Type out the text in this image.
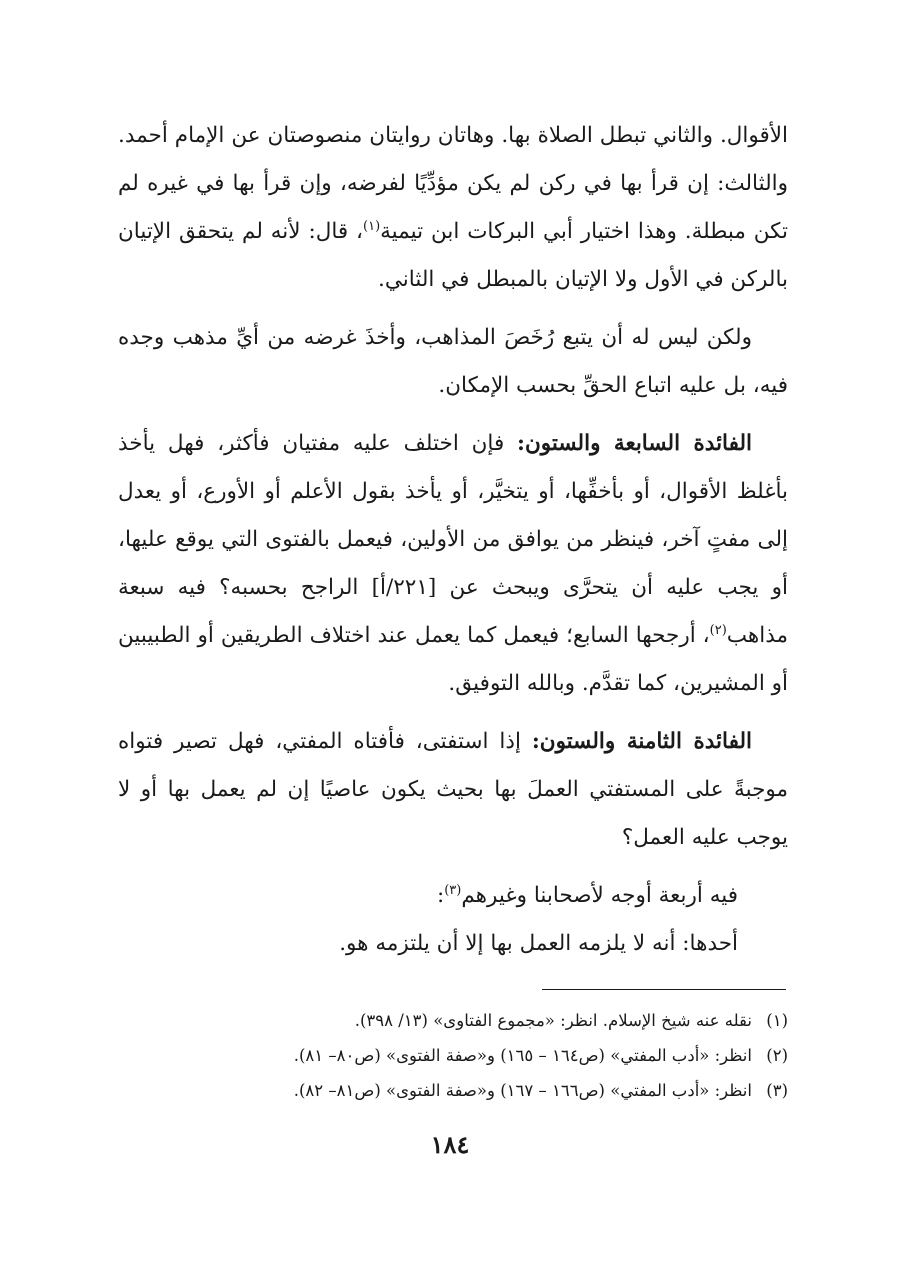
الأقوال. والثاني تبطل الصلاة بها. وهاتان روايتان منصوصتان عن الإمام أحمد. والثالث: إن قرأ بها في ركن لم يكن مؤدِّيًا لفرضه، وإن قرأ بها في غيره لم تكن مبطلة. وهذا اختيار أبي البركات ابن تيمية$^{(١)}$، قال: لأنه لم يتحقق الإتيان بالركن في الأول ولا الإتيان بالمبطل في الثاني.

ولكن ليس له أن يتبع رُخَصَ المذاهب، وأخذَ غرضه من أيِّ مذهب وجده فيه، بل عليه اتباع الحقِّ بحسب الإمكان.

الفائدة السابعة والستون: فإن اختلف عليه مفتيان فأكثر، فهل يأخذ بأغلظ الأقوال، أو بأخفِّها، أو يتخيَّر، أو يأخذ بقول الأعلم أو الأورع، أو يعدل إلى مفتٍ آخر، فينظر من يوافق من الأولين، فيعمل بالفتوى التي يوقع عليها، أو يجب عليه أن يتحرَّى ويبحث عن [٢٢١/أ] الراجح بحسبه؟ فيه سبعة مذاهب$^{(٢)}$، أرجحها السابع؛ فيعمل كما يعمل عند اختلاف الطريقين أو الطبيبين أو المشيرين، كما تقدَّم. وبالله التوفيق.

الفائدة الثامنة والستون: إذا استفتى، فأفتاه المفتي، فهل تصير فتواه موجبةً على المستفتي العملَ بها بحيث يكون عاصيًا إن لم يعمل بها أو لا يوجب عليه العمل؟

فيه أربعة أوجه لأصحابنا وغيرهم$^{(٣)}$:

أحدها: أنه لا يلزمه العمل بها إلا أن يلتزمه هو.

(١)نقله عنه شيخ الإسلام. انظر: «مجموع الفتاوى» (١٣/ ٣٩٨).

(٢)انظر: «أدب المفتي» (ص١٦٤ – ١٦٥) و«صفة الفتوى» (ص٨٠– ٨١).

(٣)انظر: «أدب المفتي» (ص١٦٦ – ١٦٧) و«صفة الفتوى» (ص٨١– ٨٢).

١٨٤
